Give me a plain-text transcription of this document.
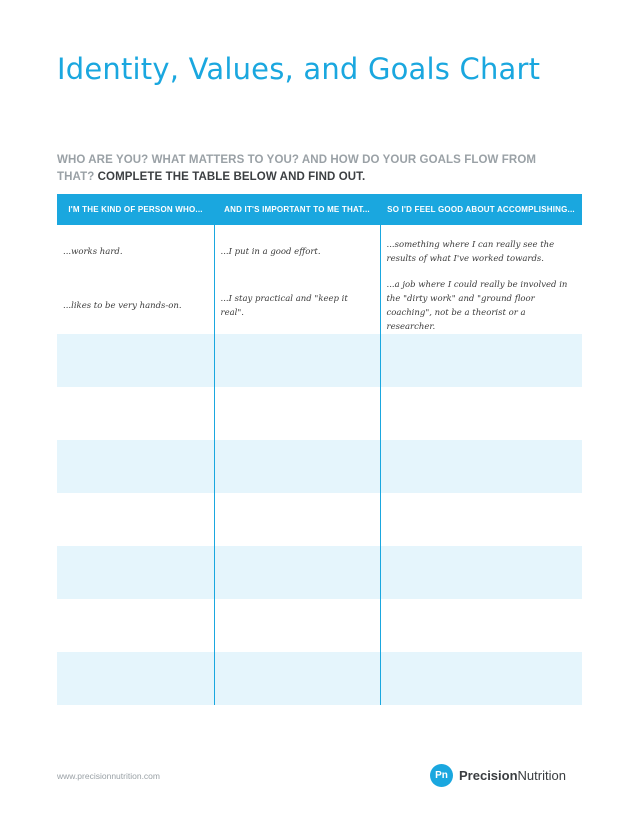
Identity, Values, and Goals Chart

WHO ARE YOU? WHAT MATTERS TO YOU? AND HOW DO YOUR GOALS FLOW FROM THAT? COMPLETE THE TABLE BELOW AND FIND OUT.

I'M THE KIND OF PERSON WHO...	AND IT'S IMPORTANT TO ME THAT...	SO I'D FEEL GOOD ABOUT ACCOMPLISHING...
...works hard.	...I put in a good effort.	...something where I can really see the results of what I've worked towards.
...likes to be very hands-on.	...I stay practical and "keep it real".	...a job where I could really be involved in the "dirty work" and "ground floor coaching", not be a theorist or a researcher.

www.precisionnutrition.com	Pn Precision Nutrition
